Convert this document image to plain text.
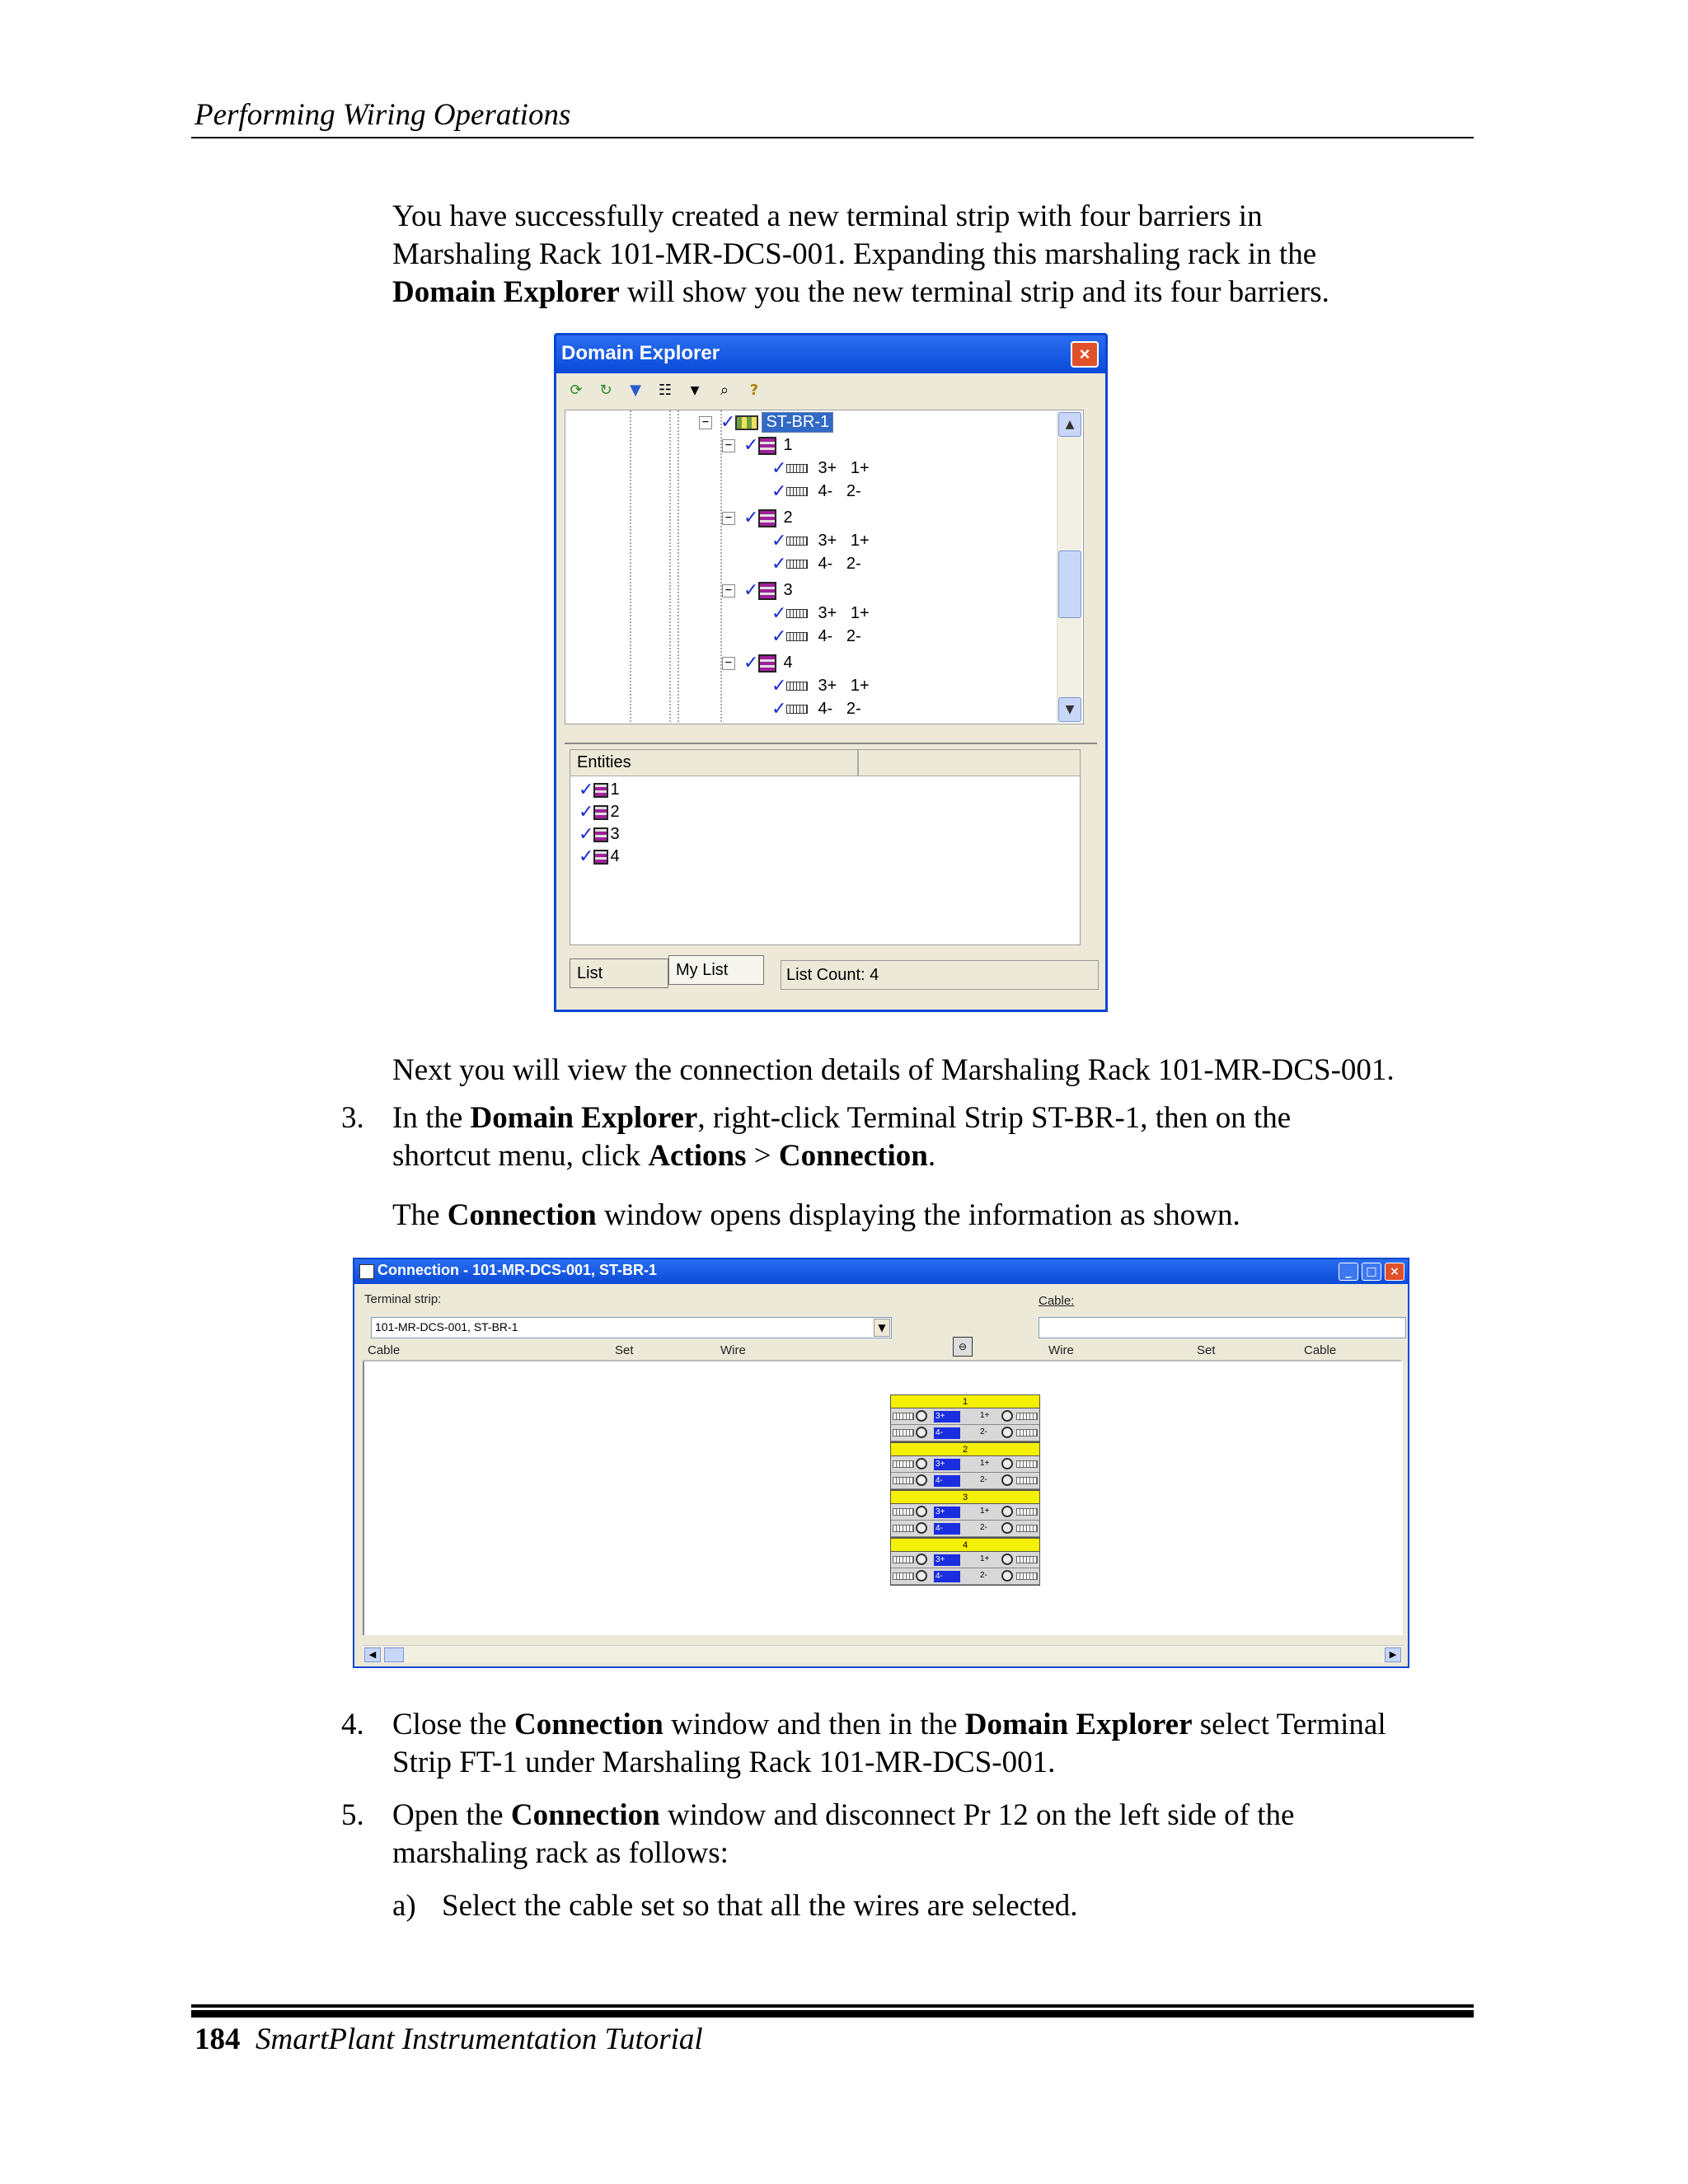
Performing Wiring Operations
You have successfully created a new terminal strip with four barriers in
Marshaling Rack 101-MR-DCS-001. Expanding this marshaling rack in the
Domain Explorer will show you the new terminal strip and its four barriers.
Domain Explorer	×
⟳	↻	▼	☷	▼	⌕	?
− ✓ ST-BR-1
− ✓ 1
✓ 3+   1+
✓ 4-   2-
− ✓ 2
✓ 3+   1+
✓ 4-   2-
− ✓ 3
✓ 3+   1+
✓ 4-   2-
− ✓ 4
✓ 3+   1+
✓ 4-   2-
▲
▼
Entities
✓ 1
✓ 2
✓ 3
✓ 4
List	My List	List Count: 4
Next you will view the connection details of Marshaling Rack 101-MR-DCS-001.
3. In the Domain Explorer, right-click Terminal Strip ST-BR-1, then on the
shortcut menu, click Actions > Connection.
The Connection window opens displaying the information as shown.
Connection - 101-MR-DCS-001, ST-BR-1	_	□	×
Terminal strip:
101-MR-DCS-001, ST-BR-1	▼
Cable:
Cable	Set	Wire	⊖	Wire	Set	Cable
1
3+	1+
4-	2-
2
3+	1+
4-	2-
3
3+	1+
4-	2-
4
3+	1+
4-	2-
◀	▶
4. Close the Connection window and then in the Domain Explorer select Terminal
Strip FT-1 under Marshaling Rack 101-MR-DCS-001.
5. Open the Connection window and disconnect Pr 12 on the left side of the
marshaling rack as follows:
a) Select the cable set so that all the wires are selected.
184 SmartPlant Instrumentation Tutorial
